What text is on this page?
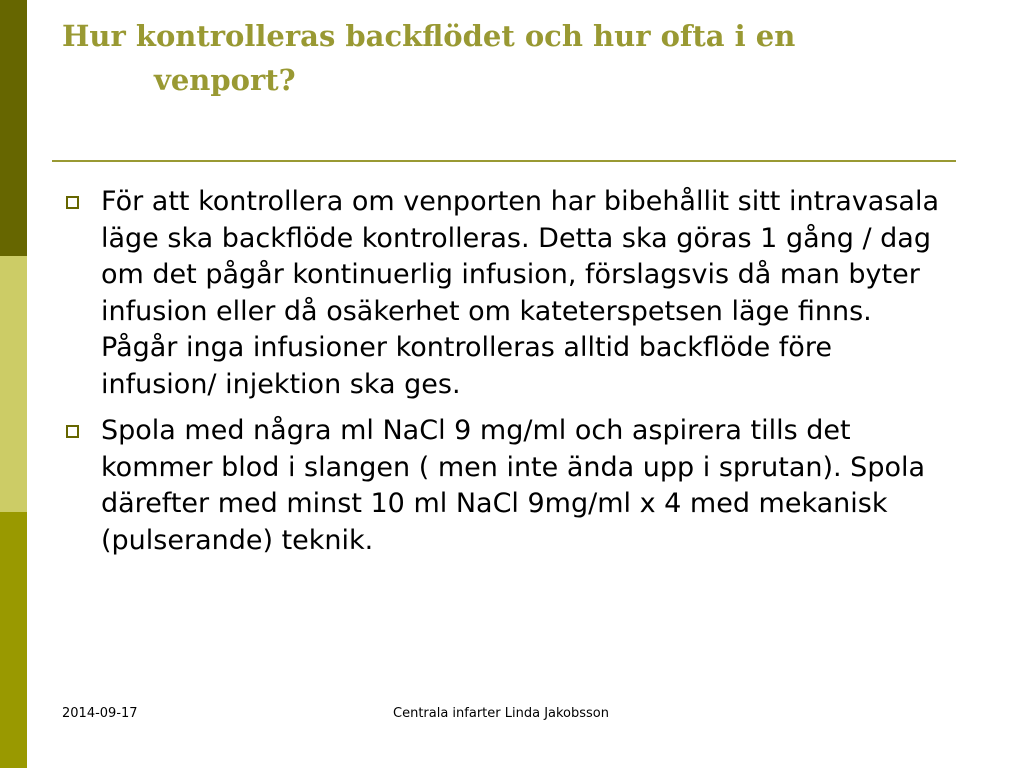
Hur kontrolleras backflödet och hur ofta i en
venport?
För att kontrollera om venporten har bibehållit sitt intravasala läge ska backflöde kontrolleras. Detta ska göras 1 gång / dag om det pågår kontinuerlig infusion, förslagsvis då man byter infusion eller då osäkerhet om kateterspetsen läge finns. Pågår inga infusioner kontrolleras alltid backflöde före infusion/ injektion ska ges.
Spola med några ml NaCl 9 mg/ml och aspirera tills det kommer blod i slangen ( men inte ända upp i sprutan). Spola därefter med minst 10 ml NaCl 9mg/ml x 4 med mekanisk (pulserande) teknik.
2014-09-17	Centrala infarter Linda Jakobsson
